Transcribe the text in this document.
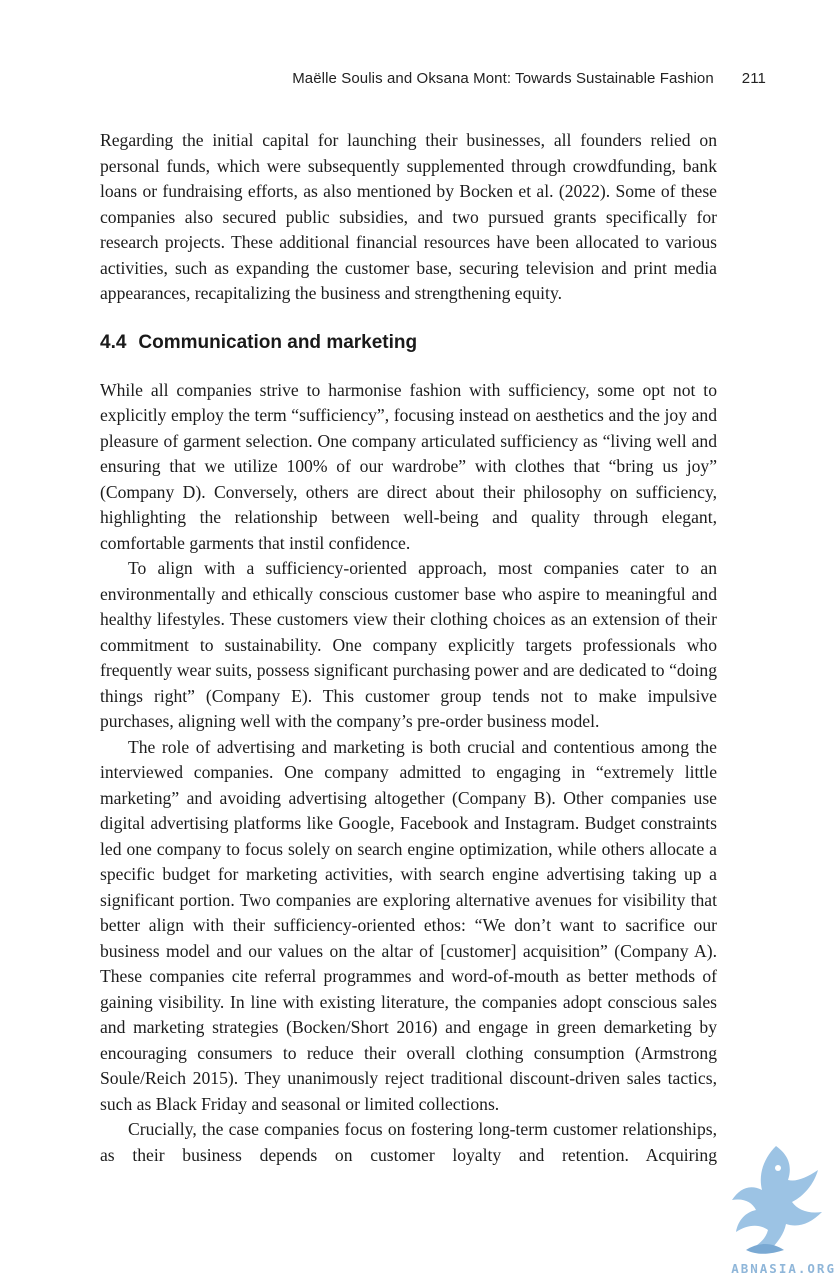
Maëlle Soulis and Oksana Mont: Towards Sustainable Fashion 211

Regarding the initial capital for launching their businesses, all founders relied on personal funds, which were subsequently supplemented through crowdfunding, bank loans or fundraising efforts, as also mentioned by Bocken et al. (2022). Some of these companies also secured public subsidies, and two pursued grants specifically for research projects. These additional financial resources have been allocated to various activities, such as expanding the customer base, securing television and print media appearances, recapitalizing the business and strengthening equity.

4.4 Communication and marketing

While all companies strive to harmonise fashion with sufficiency, some opt not to explicitly employ the term “sufficiency”, focusing instead on aesthetics and the joy and pleasure of garment selection. One company articulated sufficiency as “living well and ensuring that we utilize 100% of our wardrobe” with clothes that “bring us joy” (Company D). Conversely, others are direct about their philosophy on sufficiency, highlighting the relationship between well-being and quality through elegant, comfortable garments that instil confidence.

To align with a sufficiency-oriented approach, most companies cater to an environmentally and ethically conscious customer base who aspire to meaningful and healthy lifestyles. These customers view their clothing choices as an extension of their commitment to sustainability. One company explicitly targets professionals who frequently wear suits, possess significant purchasing power and are dedicated to “doing things right” (Company E). This customer group tends not to make impulsive purchases, aligning well with the company’s pre-order business model.

The role of advertising and marketing is both crucial and contentious among the interviewed companies. One company admitted to engaging in “extremely little marketing” and avoiding advertising altogether (Company B). Other companies use digital advertising platforms like Google, Facebook and Instagram. Budget constraints led one company to focus solely on search engine optimization, while others allocate a specific budget for marketing activities, with search engine advertising taking up a significant portion. Two companies are exploring alternative avenues for visibility that better align with their sufficiency-oriented ethos: “We don’t want to sacrifice our business model and our values on the altar of [customer] acquisition” (Company A). These companies cite referral programmes and word-of-mouth as better methods of gaining visibility. In line with existing literature, the companies adopt conscious sales and marketing strategies (Bocken/Short 2016) and engage in green demarketing by encouraging consumers to reduce their overall clothing consumption (Armstrong Soule/Reich 2015). They unanimously reject traditional discount-driven sales tactics, such as Black Friday and seasonal or limited collections.

Crucially, the case companies focus on fostering long-term customer relationships, as their business depends on customer loyalty and retention. Acquiring

ABNASIA.ORG
